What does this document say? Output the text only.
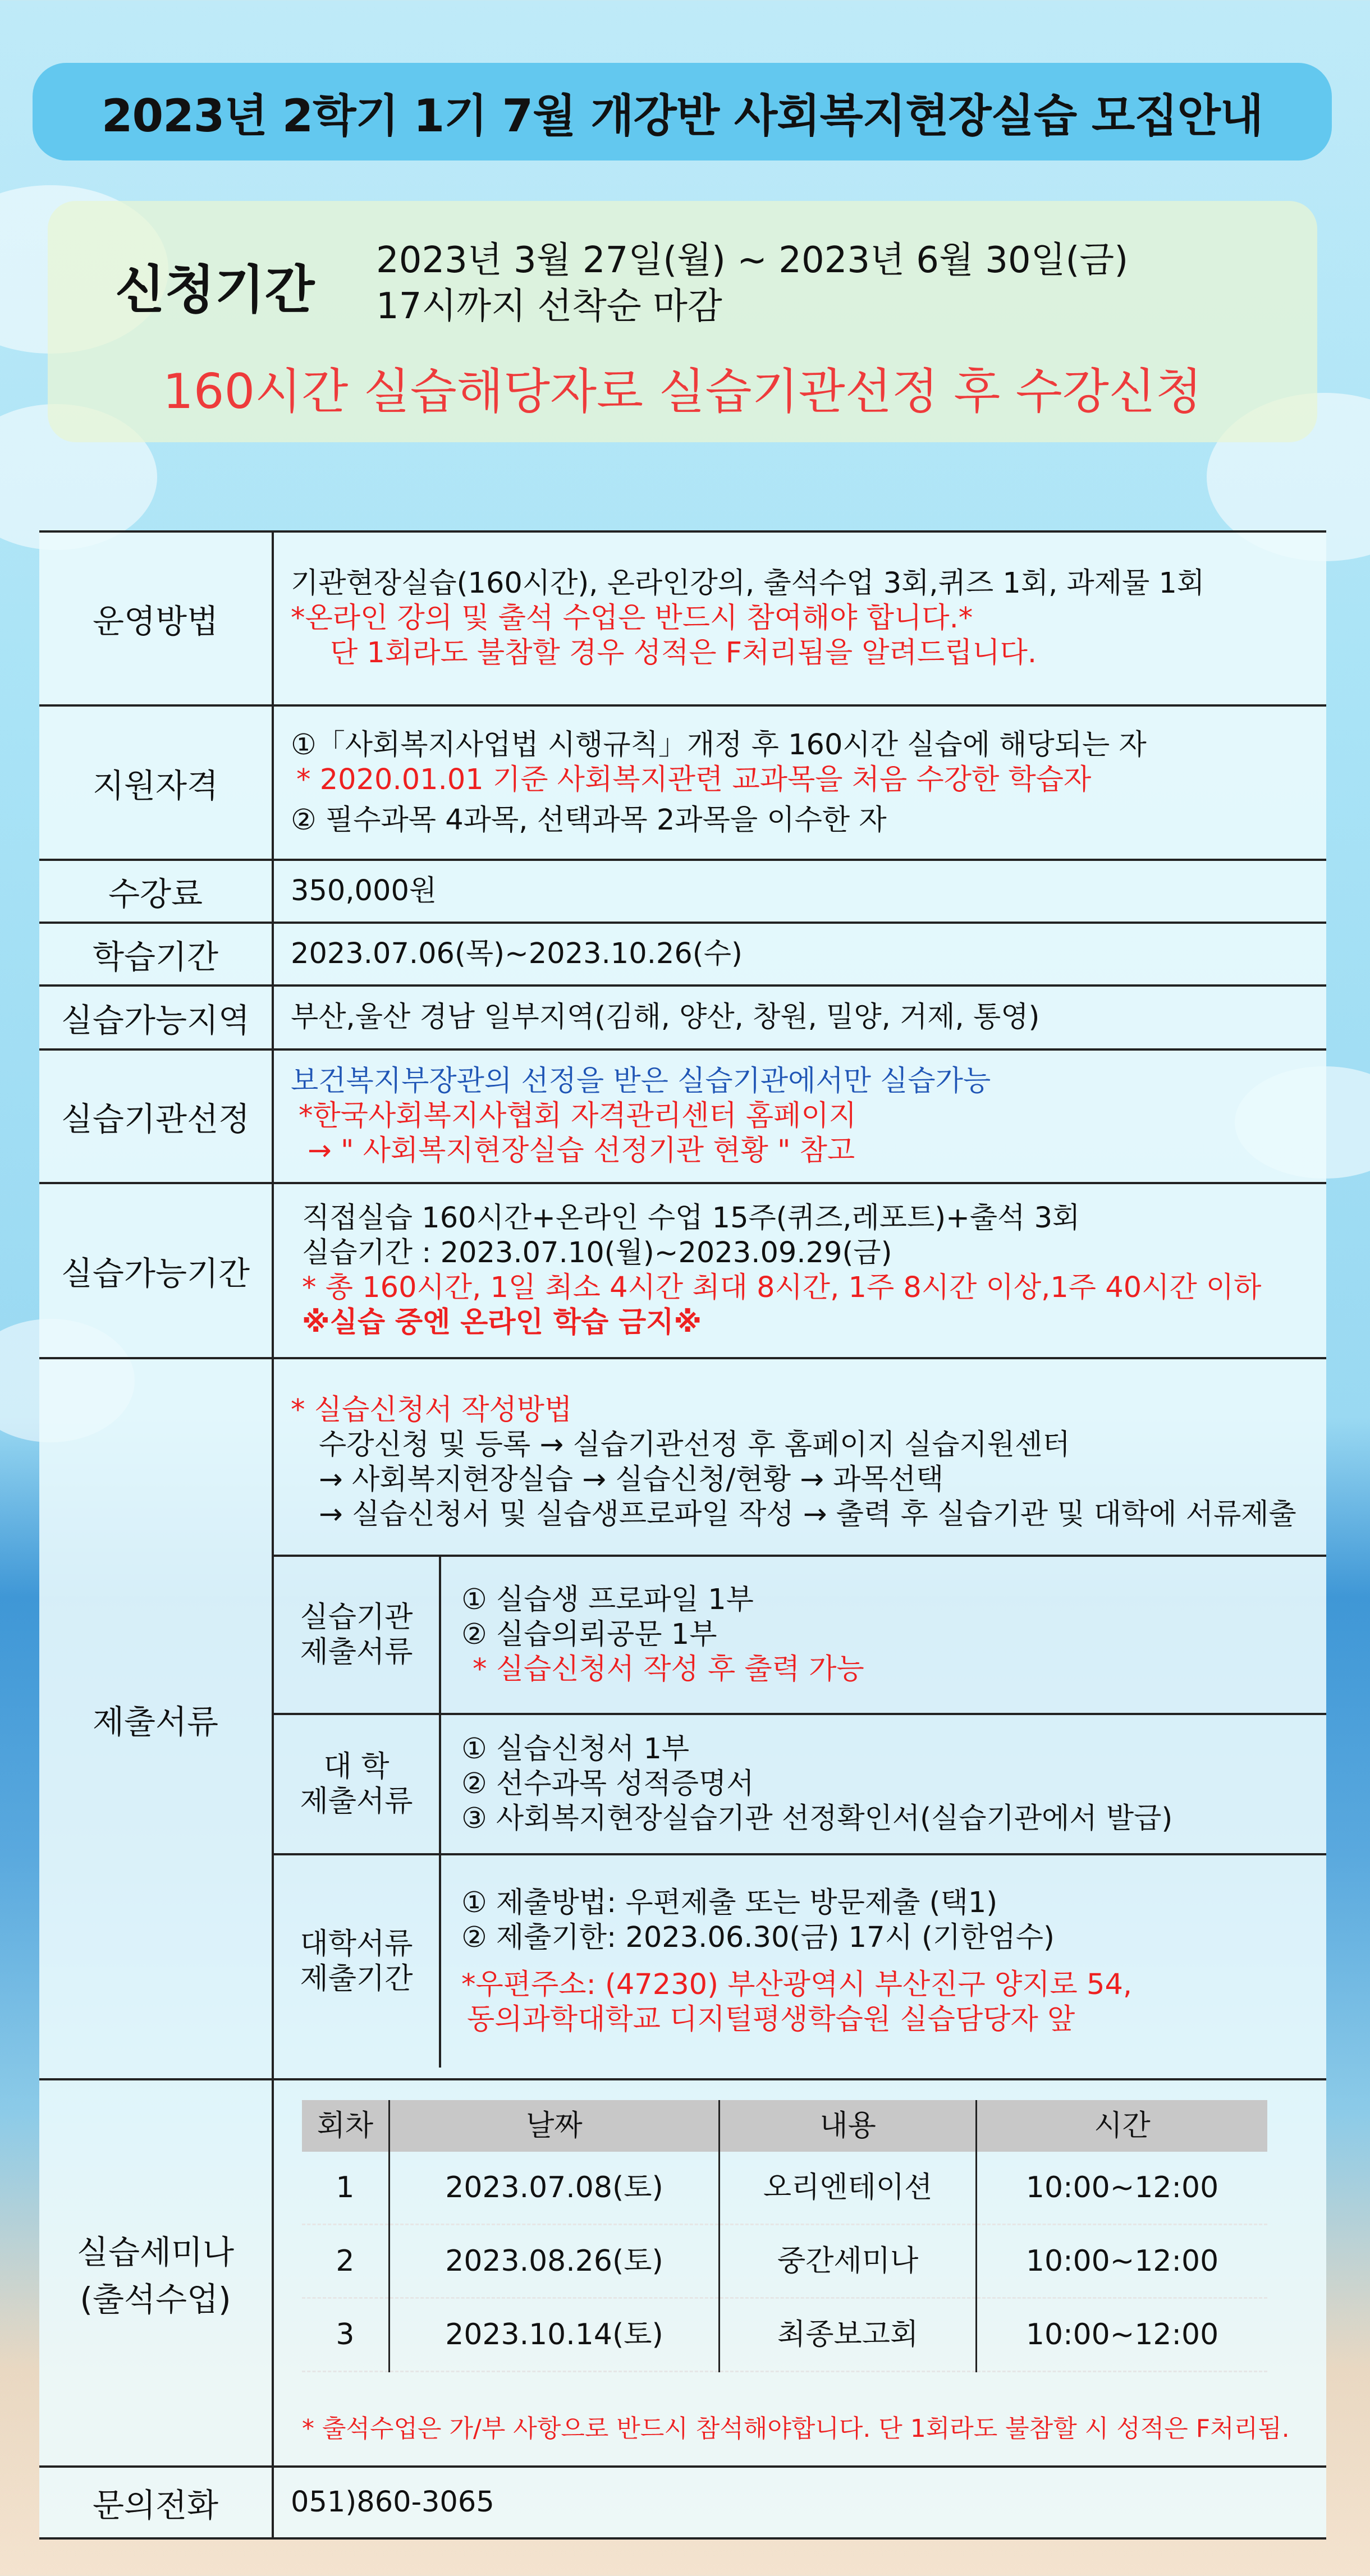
2023년 2학기 1기 7월 개강반 사회복지현장실습 모집안내
신청기간 2023년 3월 27일(월) ~ 2023년 6월 30일(금)
17시까지 선착순 마감
160시간 실습해당자로 실습기관선정 후 수강신청
운영방법	
기관현장실습(160시간), 온라인강의, 출석수업 3회,퀴즈 1회, 과제물 1회
*온라인 강의 및 출석 수업은 반드시 참여해야 합니다.*
단 1회라도 불참할 경우 성적은 F처리됨을 알려드립니다.

지원자격	
①「사회복지사업법 시행규칙」개정 후 160시간 실습에 해당되는 자
* 2020.01.01 기준 사회복지관련 교과목을 처음 수강한 학습자
② 필수과목 4과목, 선택과목 2과목을 이수한 자

수강료	350,000원
학습기간	2023.07.06(목)~2023.10.26(수)
실습가능지역	부산,울산 경남 일부지역(김해, 양산, 창원, 밀양, 거제, 통영)
실습기관선정	
보건복지부장관의 선정을 받은 실습기관에서만 실습가능
*한국사회복지사협회 자격관리센터 홈페이지
→ " 사회복지현장실습 선정기관 현황 " 참고

실습가능기간	
직접실습 160시간+온라인 수업 15주(퀴즈,레포트)+출석 3회
실습기간 : 2023.07.10(월)~2023.09.29(금)
* 총 160시간, 1일 최소 4시간 최대 8시간, 1주 8시간 이상,1주 40시간 이하
※실습 중엔 온라인 학습 금지※

제출서류	
* 실습신청서 작성방법
수강신청 및 등록 → 실습기관선정 후 홈페이지 실습지원센터
→ 사회복지현장실습 → 실습신청/현황 → 과목선택
→ 실습신청서 및 실습생프로파일 작성 → 출력 후 실습기관 및 대학에 서류제출
실습기관
제출서류

① 실습생 프로파일 1부
② 실습의뢰공문 1부
* 실습신청서 작성 후 출력 가능

대 학
제출서류

① 실습신청서 1부
② 선수과목 성적증명서
③ 사회복지현장실습기관 선정확인서(실습기관에서 발급)

대학서류
제출기간

① 제출방법: 우편제출 또는 방문제출 (택1)
② 제출기한: 2023.06.30(금) 17시 (기한엄수)
*우편주소: (47230) 부산광역시 부산진구 양지로 54,
동의과학대학교 디지털평생학습원 실습담당자 앞

실습세미나
(출석수업)

회차	날짜	내용	시간
1	2023.07.08(토)	오리엔테이션	10:00~12:00
2	2023.08.26(토)	중간세미나	10:00~12:00
3	2023.10.14(토)	최종보고회	10:00~12:00
* 출석수업은 가/부 사항으로 반드시 참석해야합니다. 단 1회라도 불참할 시 성적은 F처리됨.

문의전화	051)860-3065
